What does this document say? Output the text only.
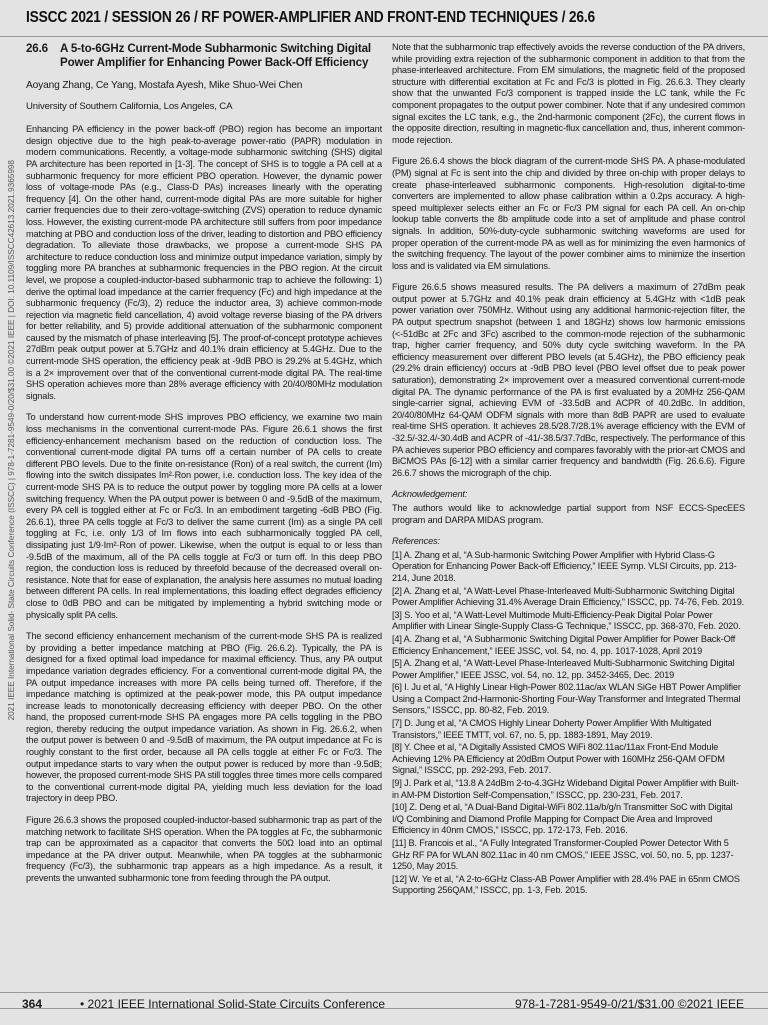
ISSCC 2021 / SESSION 26 / RF POWER-AMPLIFIER AND FRONT-END TECHNIQUES / 26.6
2021 IEEE International Solid- State Circuits Conference (ISSCC) | 978-1-7281-9549-0/20/$31.00 ©2021 IEEE | DOI: 10.1109/ISSCC42613.2021.9365998
26.6	A 5-to-6GHz Current-Mode Subharmonic Switching Digital Power Amplifier for Enhancing Power Back-Off Efficiency
Aoyang Zhang, Ce Yang, Mostafa Ayesh, Mike Shuo-Wei Chen
University of Southern California, Los Angeles, CA

Enhancing PA efficiency in the power back-off (PBO) region has become an important design objective due to the high peak-to-average power-ratio (PAPR) modulation in modern communications. Recently, a voltage-mode subharmonic switching (SHS) digital PA architecture has been reported in [1-3]. The concept of SHS is to toggle a PA cell at a subharmonic frequency for more efficient PBO operation. However, the dynamic power loss of voltage-mode PAs (e.g., Class-D PAs) increases linearly with the operating frequency [4]. On the other hand, current-mode digital PAs are more suitable for higher carrier frequencies due to their zero-voltage-switching (ZVS) operation to reduce dynamic loss. However, the existing current-mode PA architecture still suffers from poor impedance matching at PBO and conduction loss of the driver, leading to distortion and PBO efficiency degradation. To alleviate those drawbacks, we propose a current-mode SHS PA architecture to reduce conduction loss and minimize output impedance variation, simply by toggling more PA branches at subharmonic frequencies in the PBO region. At the circuit level, we propose a coupled-inductor-based subharmonic trap to achieve the following: 1) derive the optimal load impedance at the carrier frequency (Fc) and high impedance at the subharmonic frequency (Fc/3), 2) reduce the inductor area, 3) achieve common-mode rejection via magnetic field cancellation, 4) avoid voltage reverse biasing of the PA drivers for better reliability, and 5) provide additional attenuation of the subharmonic component caused by the mismatch of phase interleaving [5]. The proof-of-concept prototype achieves 27dBm peak output power at 5.7GHz and 40.1% drain efficiency at 5.4GHz. Due to the current-mode SHS operation, the efficiency peak at -9dB PBO is 29.2% at 5.4GHz, which is a 2× improvement over that of the conventional current-mode digital PA. The real-time SHS operation achieves more than 28% average efficiency with 20/40/80MHz modulation signals.

To understand how current-mode SHS improves PBO efficiency, we examine two main loss mechanisms in the conventional current-mode PAs. Figure 26.6.1 shows the first efficiency-enhancement mechanism based on the reduction of conduction loss. The conventional current-mode digital PA turns off a certain number of PA cells to create different PBO levels. Due to the finite on-resistance (Ron) of a real switch, the current (Im) flowing into the switch dissipates Im²·Ron power, i.e. conduction loss. The key idea of the current-mode SHS PA is to reduce the output power by toggling more PA cells at a lower switching frequency. When the PA output power is between 0 and -9.5dB of the maximum, every PA cell is toggled either at Fc or Fc/3. In an embodiment targeting -6dB PBO (Fig. 26.6.1), three PA cells toggle at Fc/3 to deliver the same current (Im) as a single PA cell toggling at Fc, i.e. only 1/3 of Im flows into each subharmonically toggled PA cell, dissipating just 1/9·Im²·Ron of power. Likewise, when the output is equal to or less than -9.5dB of the maximum, all of the PA cells toggle at Fc/3 or turn off. In this deep PBO region, the conduction loss is reduced by threefold because of the decreased overall on-resistance. Note that for ease of explanation, the analysis here assumes no mutual loading between different PA cells. In real implementations, this loading effect degrades efficiency close to 0dB PBO and can be mitigated by implementing a hybrid switching mode or physically split PA cells.

The second efficiency enhancement mechanism of the current-mode SHS PA is realized by providing a better impedance matching at PBO (Fig. 26.6.2). Typically, the PA is designed for a fixed optimal load impedance for maximal efficiency. Thus, any PA output impedance variation degrades efficiency. For a conventional current-mode digital PA, the PA output impedance increases with more PA cells being turned off. Therefore, if the impedance matching is optimized at the peak-power mode, this PA output impedance increase leads to monotonically decreasing efficiency with deeper PBO. On the other hand, the proposed current-mode SHS PA engages more PA cells toggling in the PBO region, thereby reducing the output impedance variation. As shown in Fig. 26.6.2, when the output power is between 0 and -9.5dB of maximum, the PA output impedance at Fc is roughly constant to the first order, because all PA cells toggle at either Fc or Fc/3. The output impedance starts to vary when the output power is reduced by more than -9.5dB; however, the proposed current-mode SHS PA still toggles three times more cells compared to the conventional current-mode digital PA, yielding much less deviation for the load trajectory in deep PBO.

Figure 26.6.3 shows the proposed coupled-inductor-based subharmonic trap as part of the matching network to facilitate SHS operation. When the PA toggles at Fc, the subharmonic trap can be approximated as a capacitor that converts the 50Ω load into an optimal impedance at the PA driver output. Meanwhile, when PA toggles at the subharmonic frequency (Fc/3), the subharmonic trap appears as a high impedance. As a result, it prevents the unwanted subharmonic tone from feeding through the PA output.

Note that the subharmonic trap effectively avoids the reverse conduction of the PA drivers, while providing extra rejection of the subharmonic component in addition to that from the phase-interleaved architecture. From EM simulations, the magnetic field of the proposed structure with differential excitation at Fc and Fc/3 is plotted in Fig. 26.6.3. They clearly show that the unwanted Fc/3 component is trapped inside the LC tank, while the Fc component propagates to the output power combiner. Note that if any undesired common signal excites the LC tank, e.g., the 2nd-harmonic component (2Fc), the current flows in the opposite direction, resulting in magnetic-flux cancellation and, thus, inherent common-mode rejection.

Figure 26.6.4 shows the block diagram of the current-mode SHS PA. A phase-modulated (PM) signal at Fc is sent into the chip and divided by three on-chip with proper delays to create phase-interleaved subharmonic components. High-resolution digital-to-time converters are implemented to allow phase calibration within a 0.2ps accuracy. A high-speed multiplexer selects either an Fc or Fc/3 PM signal for each PA cell. An on-chip lookup table converts the 8b amplitude code into a set of amplitude and phase control signals. In addition, 50%-duty-cycle subharmonic switching waveforms are used for proper operation of the current-mode PA as well as for minimizing the even harmonics of the switching frequency. The layout of the power combiner aims to minimize the insertion loss and is validated via EM simulations.

Figure 26.6.5 shows measured results. The PA delivers a maximum of 27dBm peak output power at 5.7GHz and 40.1% peak drain efficiency at 5.4GHz with <1dB peak power variation over 750MHz. Without using any additional harmonic-rejection filter, the PA output spectrum snapshot (between 1 and 18GHz) shows low harmonic emissions (<-51dBc at 2Fc and 3Fc) ascribed to the common-mode rejection of the subharmonic trap, higher carrier frequency, and 50% duty cycle switching waveform. In the PA efficiency measurement over different PBO levels (at 5.4GHz), the PBO efficiency peak (29.2% drain efficiency) occurs at -9dB PBO level (PBO level offset due to peak power saturation), demonstrating 2× improvement over a measured conventional current-mode digital PA. The dynamic performance of the PA is first evaluated by a 20MHz 256-QAM single-carrier signal, achieving EVM of -33.5dB and ACPR of 40.2dBc. In addition, 20/40/80MHz 64-QAM ODFM signals with more than 8dB PAPR are used to evaluate real-time SHS operation. It achieves 28.5/28.7/28.1% average efficiency with the EVM of -32.5/-32.4/-30.4dB and ACPR of -41/-38.5/37.7dBc, respectively. The performance of this PA achieves superior PBO efficiency and compares favorably with the prior-art CMOS and BiCMOS PAs [6-12] with a similar carrier frequency and bandwidth (Fig. 26.6.6). Figure 26.6.7 shows the micrograph of the chip.

Acknowledgement:

The authors would like to acknowledge partial support from NSF ECCS-SpecEES program and DARPA MIDAS program.

References:

[1] A. Zhang et al, “A Sub-harmonic Switching Power Amplifier with Hybrid Class-G Operation for Enhancing Power Back-off Efficiency,” IEEE Symp. VLSI Circuits, pp. 213-214, June 2018.

[2] A. Zhang et al, “A Watt-Level Phase-Interleaved Multi-Subharmonic Switching Digital Power Amplifier Achieving 31.4% Average Drain Efficiency,” ISSCC, pp. 74-76, Feb. 2019.

[3] S. Yoo et al, “A Watt-Level Multimode Multi-Efficiency-Peak Digital Polar Power Amplifier with Linear Single-Supply Class-G Technique,” ISSCC, pp. 368-370, Feb. 2020.

[4] A. Zhang et al, “A Subharmonic Switching Digital Power Amplifier for Power Back-Off Efficiency Enhancement,” IEEE JSSC, vol. 54, no. 4, pp. 1017-1028, April 2019

[5] A. Zhang et al, “A Watt-Level Phase-Interleaved Multi-Subharmonic Switching Digital Power Amplifier,” IEEE JSSC, vol. 54, no. 12, pp. 3452-3465, Dec. 2019

[6] I. Ju et al, “A Highly Linear High-Power 802.11ac/ax WLAN SiGe HBT Power Amplifier Using a Compact 2nd-Harmonic-Shorting Four-Way Transformer and Integrated Thermal Sensors,” ISSCC, pp. 80-82, Feb. 2019.

[7] D. Jung et al, “A CMOS Highly Linear Doherty Power Amplifier With Multigated Transistors,” IEEE TMTT, vol. 67, no. 5, pp. 1883-1891, May 2019.

[8] Y. Chee et al, “A Digitally Assisted CMOS WiFi 802.11ac/11ax Front-End Module Achieving 12% PA Efficiency at 20dBm Output Power with 160MHz 256-QAM OFDM Signal,” ISSCC, pp. 292-293, Feb. 2017.

[9] J. Park et al, “13.8 A 24dBm 2-to-4.3GHz Wideband Digital Power Amplifier with Built-in AM-PM Distortion Self-Compensation,” ISSCC, pp. 230-231, Feb. 2017.

[10] Z. Deng et al, “A Dual-Band Digital-WiFi 802.11a/b/g/n Transmitter SoC with Digital I/Q Combining and Diamond Profile Mapping for Compact Die Area and Improved Efficiency in 40nm CMOS,” ISSCC, pp. 172-173, Feb. 2016.

[11] B. Francois et al., “A Fully Integrated Transformer-Coupled Power Detector With 5 GHz RF PA for WLAN 802.11ac in 40 nm CMOS,” IEEE JSSC, vol. 50, no. 5, pp. 1237-1250, May 2015.

[12] W. Ye et al, “A 2-to-6GHz Class-AB Power Amplifier with 28.4% PAE in 65nm CMOS Supporting 256QAM,” ISSCC, pp. 1-3, Feb. 2015.

364	• 2021 IEEE International Solid-State Circuits Conference	978-1-7281-9549-0/21/$31.00 ©2021 IEEE
